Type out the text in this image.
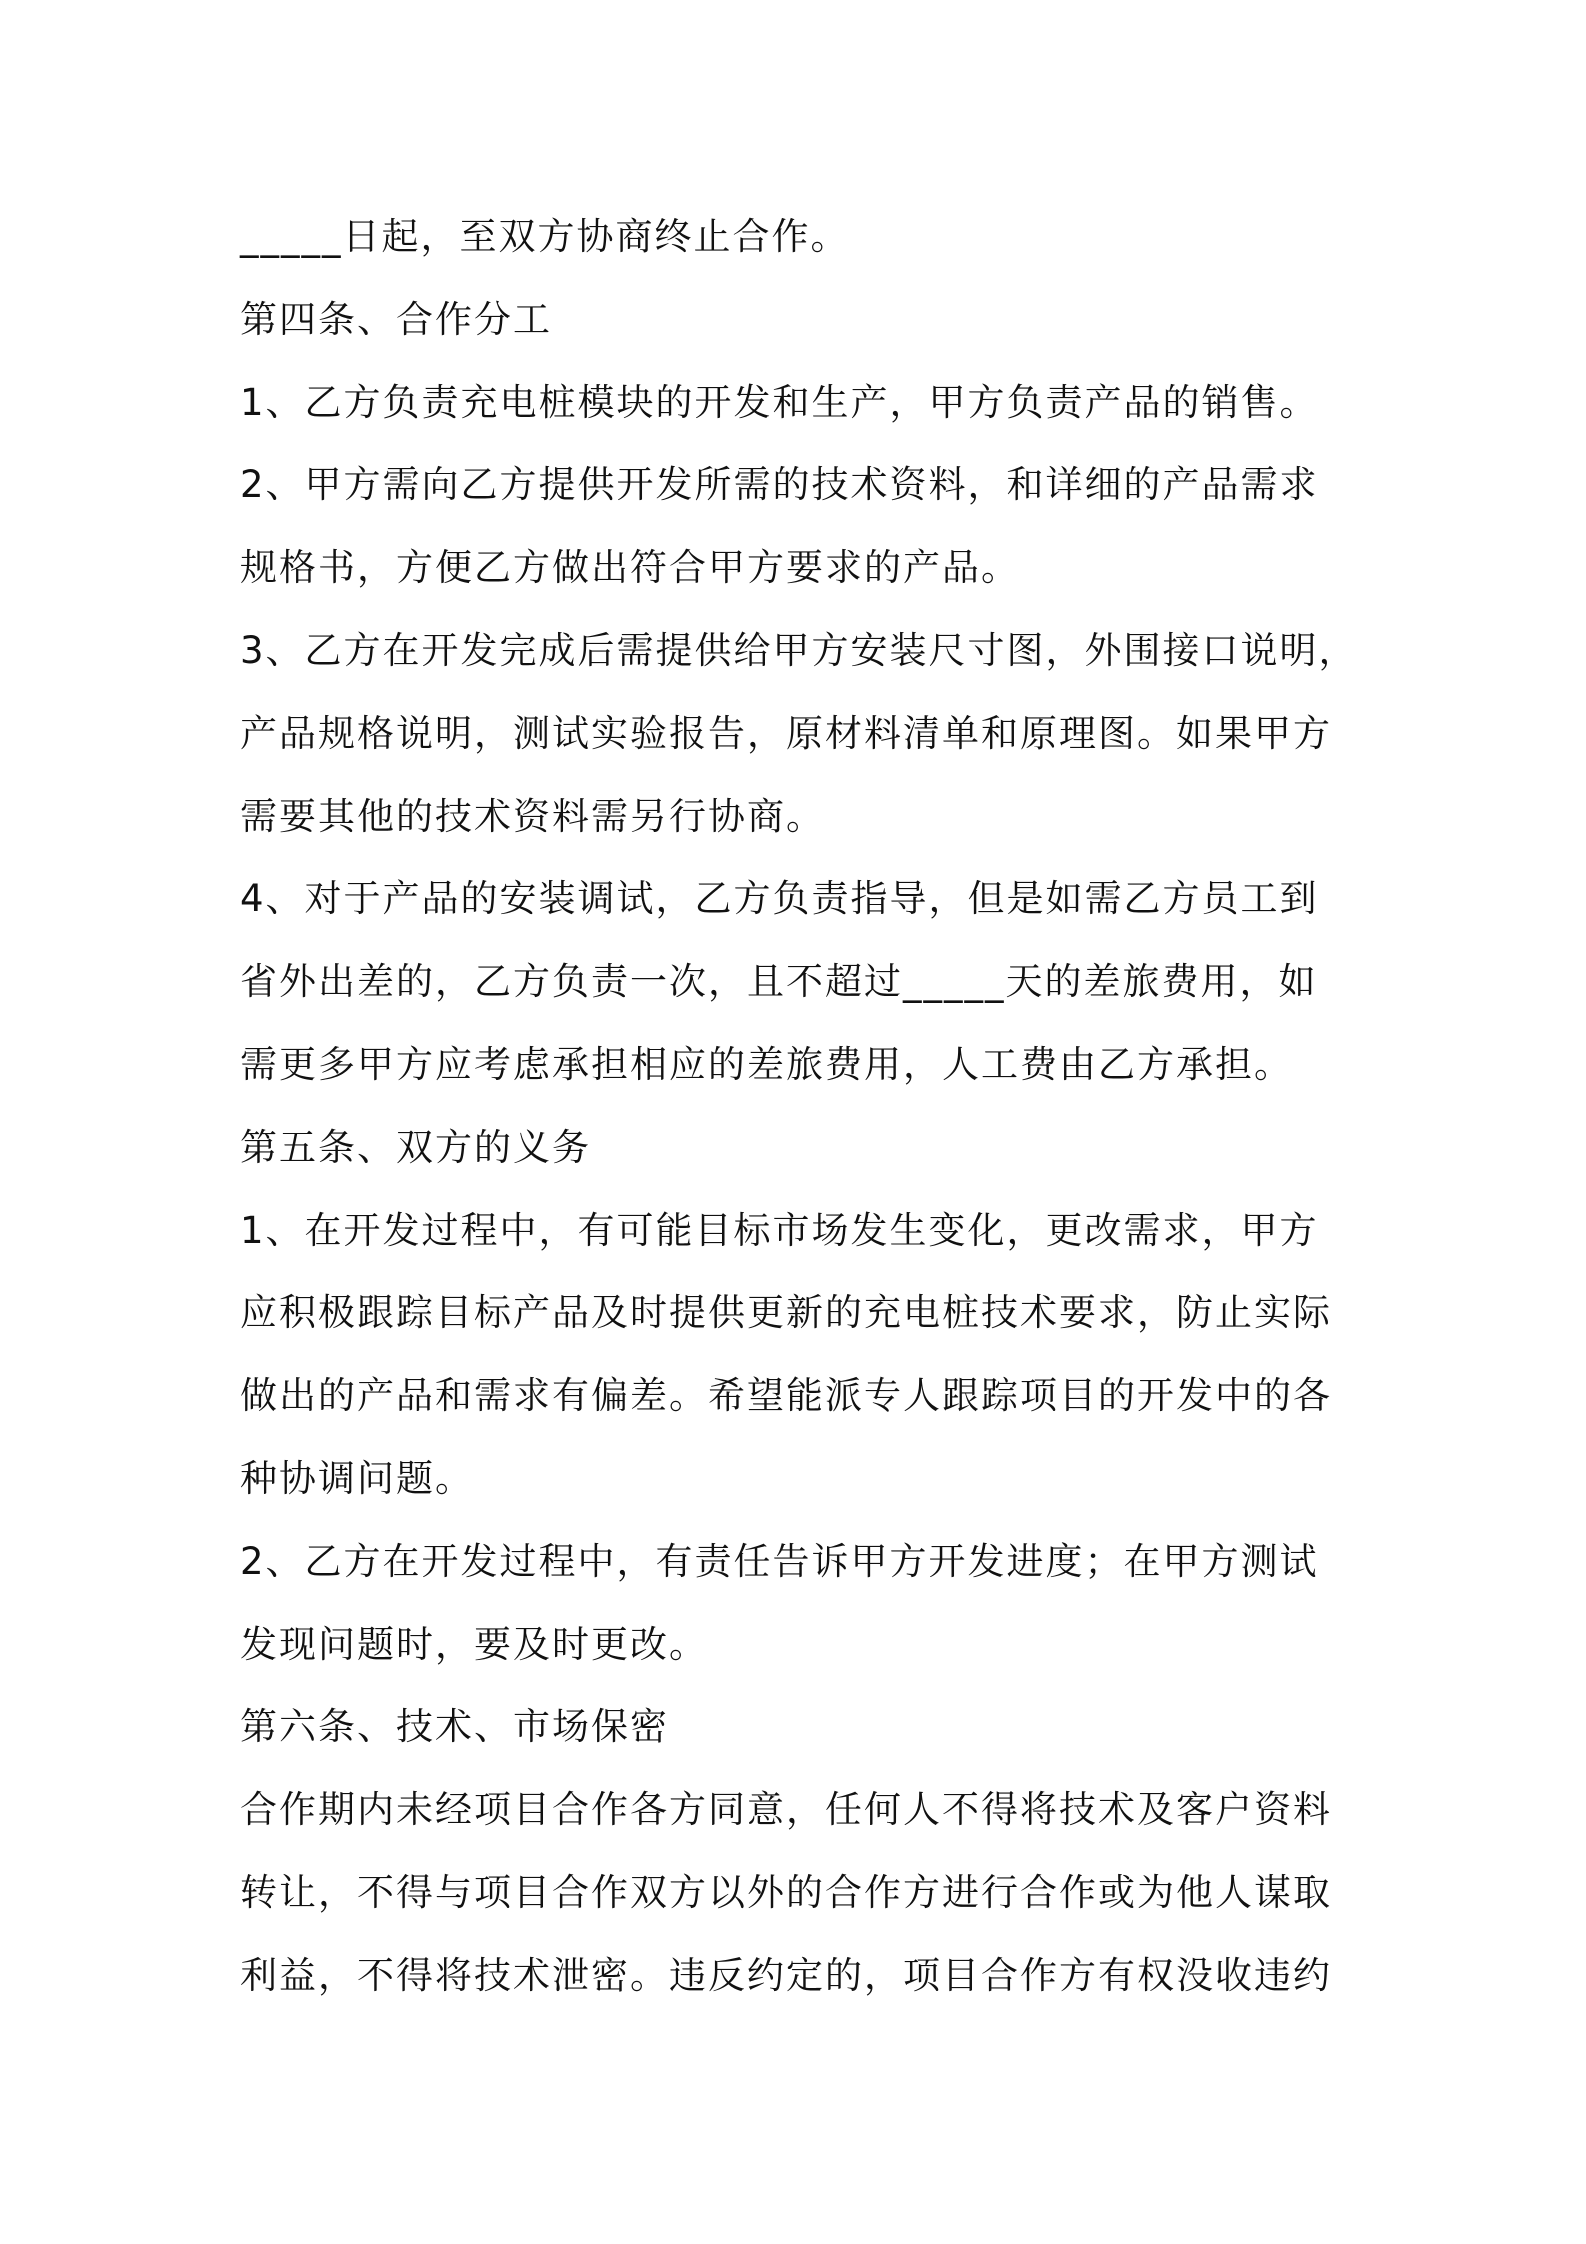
_____日起，至双方协商终止合作。
第四条、合作分工
1、乙方负责充电桩模块的开发和生产，甲方负责产品的销售。
2、甲方需向乙方提供开发所需的技术资料，和详细的产品需求
规格书，方便乙方做出符合甲方要求的产品。
3、乙方在开发完成后需提供给甲方安装尺寸图，外围接口说明，
产品规格说明，测试实验报告，原材料清单和原理图。如果甲方
需要其他的技术资料需另行协商。
4、对于产品的安装调试，乙方负责指导，但是如需乙方员工到
省外出差的，乙方负责一次，且不超过_____天的差旅费用，如
需更多甲方应考虑承担相应的差旅费用，人工费由乙方承担。
第五条、双方的义务
1、在开发过程中，有可能目标市场发生变化，更改需求，甲方
应积极跟踪目标产品及时提供更新的充电桩技术要求，防止实际
做出的产品和需求有偏差。希望能派专人跟踪项目的开发中的各
种协调问题。
2、乙方在开发过程中，有责任告诉甲方开发进度；在甲方测试
发现问题时，要及时更改。
第六条、技术、市场保密
合作期内未经项目合作各方同意，任何人不得将技术及客户资料
转让，不得与项目合作双方以外的合作方进行合作或为他人谋取
利益，不得将技术泄密。违反约定的，项目合作方有权没收违约
